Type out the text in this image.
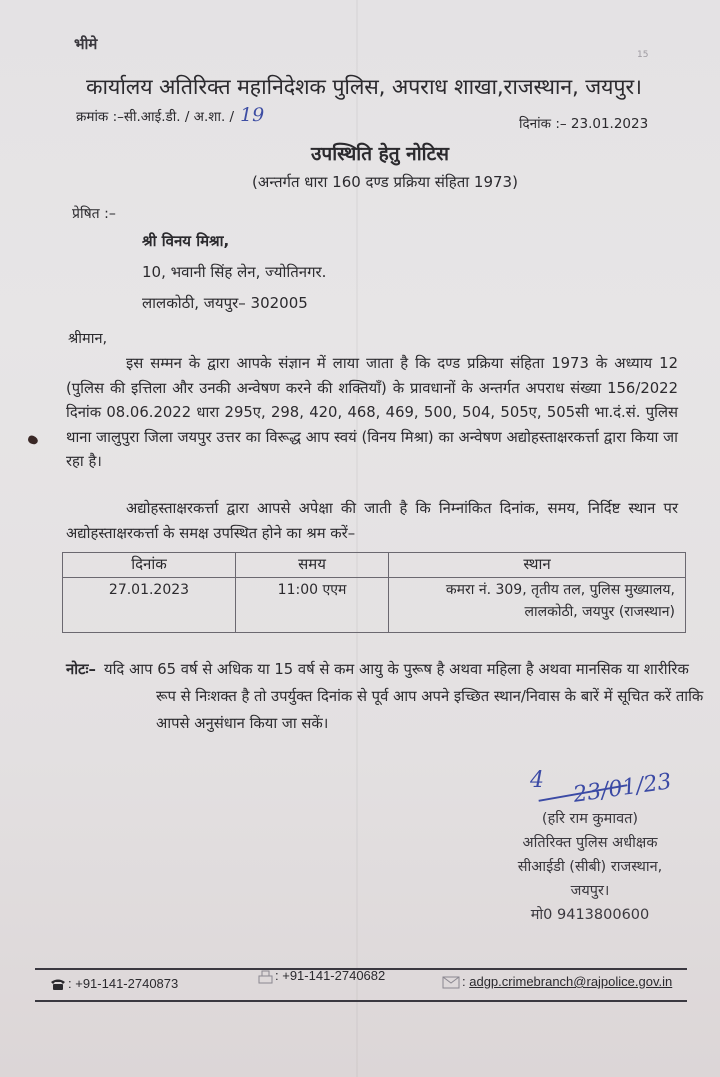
भीमे
15
कार्यालय अतिरिक्त महानिदेशक पुलिस, अपराध शाखा,राजस्थान, जयपुर।
क्रमांक :–सी.आई.डी. / अ.शा. / 19	दिनांक :– 23.01.2023
उपस्थिति हेतु नोटिस
(अन्तर्गत धारा 160 दण्ड प्रक्रिया संहिता 1973)
प्रेषित :–
श्री विनय मिश्रा,
10, भवानी सिंह लेन, ज्योतिनगर.
लालकोठी, जयपुर– 302005
श्रीमान,
इस सम्मन के द्वारा आपके संज्ञान में लाया जाता है कि दण्ड प्रक्रिया संहिता 1973 के अध्याय 12 (पुलिस की इत्तिला और उनकी अन्वेषण करने की शक्तियाँ) के प्रावधानों के अन्तर्गत अपराध संख्या 156/2022 दिनांक 08.06.2022 धारा 295ए, 298, 420, 468, 469, 500, 504, 505ए, 505सी भा.दं.सं. पुलिस थाना जालुपुरा जिला जयपुर उत्तर का विरूद्ध आप स्वयं (विनय मिश्रा) का अन्वेषण अद्योहस्ताक्षरकर्त्ता द्वारा किया जा रहा है।
अद्योहस्ताक्षरकर्त्ता द्वारा आपसे अपेक्षा की जाती है कि निम्नांकित दिनांक, समय, निर्दिष्ट स्थान पर अद्योहस्ताक्षरकर्त्ता के समक्ष उपस्थित होने का श्रम करें–
दिनांक	समय	स्थान
27.01.2023	11:00 एएम	कमरा नं. 309, तृतीय तल, पुलिस मुख्यालय,
लालकोठी, जयपुर (राजस्थान)
नोटः– यदि आप 65 वर्ष से अधिक या 15 वर्ष से कम आयु के पुरूष है अथवा महिला है अथवा मानसिक या शारीरिक रूप से निःशक्त है तो उपर्युक्त दिनांक से पूर्व आप अपने इच्छित स्थान/निवास के बारें में सूचित करें ताकि आपसे अनुसंधान किया जा सकें।
4 23/01/23
(हरि राम कुमावत)
अतिरिक्त पुलिस अधीक्षक
सीआईडी (सीबी) राजस्थान,
जयपुर।
मो0 9413800600
: +91-141-2740873
: +91-141-2740682	: adgp.crimebranch@rajpolice.gov.in
